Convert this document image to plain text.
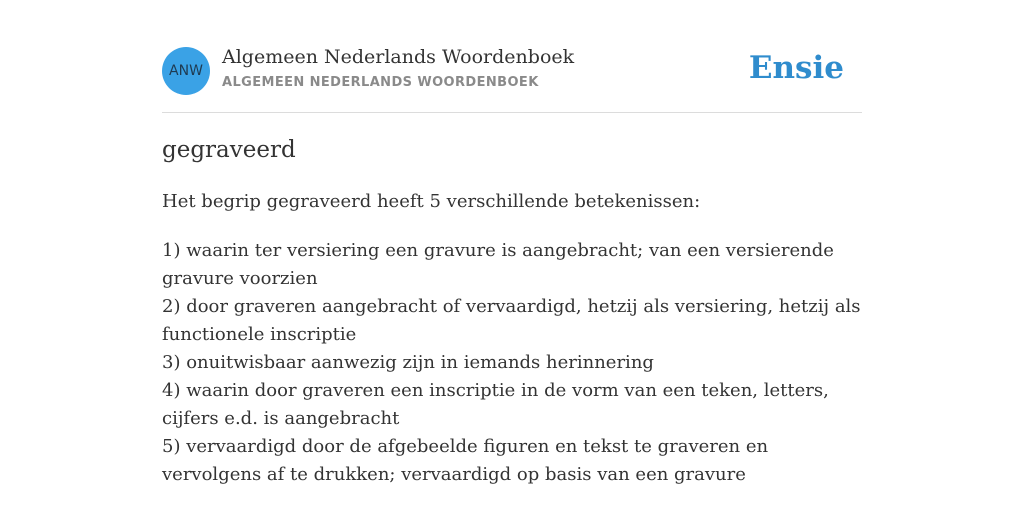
ANW
Algemeen Nederlands Woordenboek
ALGEMEEN NEDERLANDS WOORDENBOEK	Ensie
gegraveerd
Het begrip gegraveerd heeft 5 verschillende betekenissen:
1) waarin ter versiering een gravure is aangebracht; van een versierende gravure voorzien
2) door graveren aangebracht of vervaardigd, hetzij als versiering, hetzij als functionele inscriptie
3) onuitwisbaar aanwezig zijn in iemands herinnering
4) waarin door graveren een inscriptie in de vorm van een teken, letters, cijfers e.d. is aangebracht
5) vervaardigd door de afgebeelde figuren en tekst te graveren en vervolgens af te drukken; vervaardigd op basis van een gravure
